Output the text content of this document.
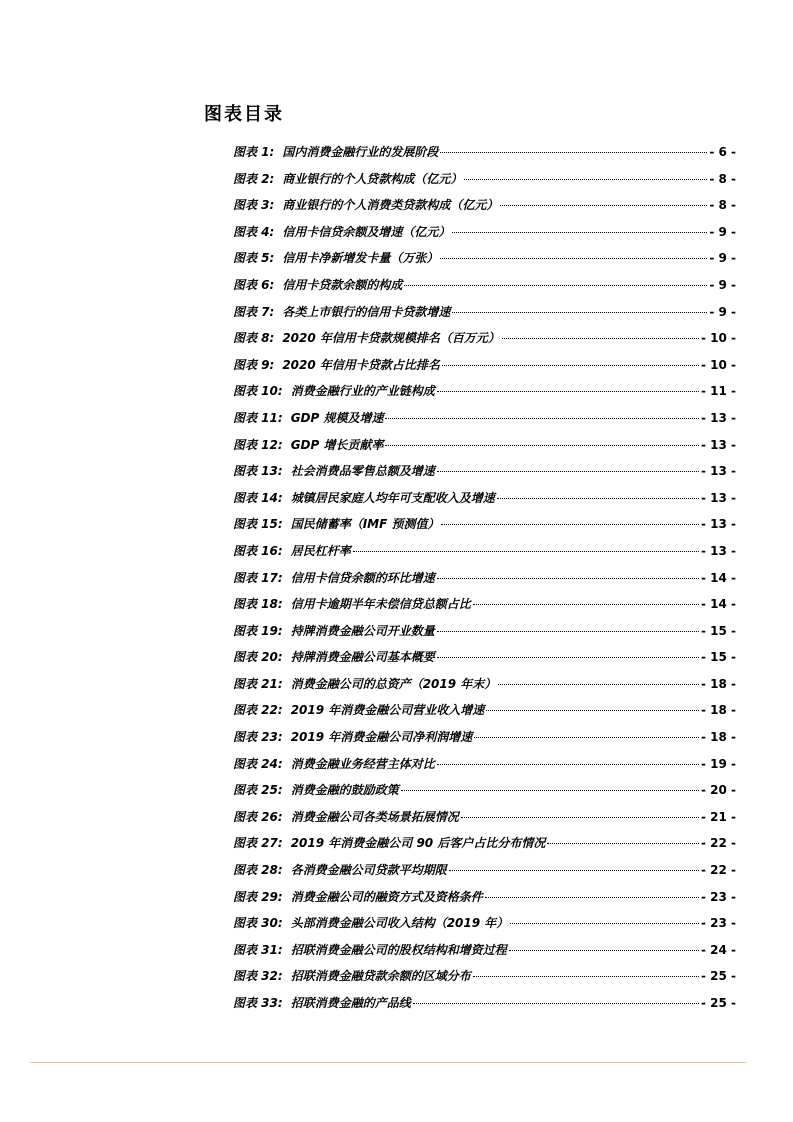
图表目录
图表 1: 国内消费金融行业的发展阶段	- 6 -
图表 2: 商业银行的个人贷款构成（亿元）	- 8 -
图表 3: 商业银行的个人消费类贷款构成（亿元）	- 8 -
图表 4: 信用卡信贷余额及增速（亿元）	- 9 -
图表 5: 信用卡净新增发卡量（万张）	- 9 -
图表 6: 信用卡贷款余额的构成	- 9 -
图表 7: 各类上市银行的信用卡贷款增速	- 9 -
图表 8: 2020 年信用卡贷款规模排名（百万元）	- 10 -
图表 9: 2020 年信用卡贷款占比排名	- 10 -
图表 10: 消费金融行业的产业链构成	- 11 -
图表 11: GDP 规模及增速	- 13 -
图表 12: GDP 增长贡献率	- 13 -
图表 13: 社会消费品零售总额及增速	- 13 -
图表 14: 城镇居民家庭人均年可支配收入及增速	- 13 -
图表 15: 国民储蓄率（IMF 预测值）	- 13 -
图表 16: 居民杠杆率	- 13 -
图表 17: 信用卡信贷余额的环比增速	- 14 -
图表 18: 信用卡逾期半年未偿信贷总额占比	- 14 -
图表 19: 持牌消费金融公司开业数量	- 15 -
图表 20: 持牌消费金融公司基本概要	- 15 -
图表 21: 消费金融公司的总资产（2019 年末）	- 18 -
图表 22: 2019 年消费金融公司营业收入增速	- 18 -
图表 23: 2019 年消费金融公司净利润增速	- 18 -
图表 24: 消费金融业务经营主体对比	- 19 -
图表 25: 消费金融的鼓励政策	- 20 -
图表 26: 消费金融公司各类场景拓展情况	- 21 -
图表 27: 2019 年消费金融公司 90 后客户占比分布情况	- 22 -
图表 28: 各消费金融公司贷款平均期限	- 22 -
图表 29: 消费金融公司的融资方式及资格条件	- 23 -
图表 30: 头部消费金融公司收入结构（2019 年）	- 23 -
图表 31: 招联消费金融公司的股权结构和增资过程	- 24 -
图表 32: 招联消费金融贷款余额的区域分布	- 25 -
图表 33: 招联消费金融的产品线	- 25 -
